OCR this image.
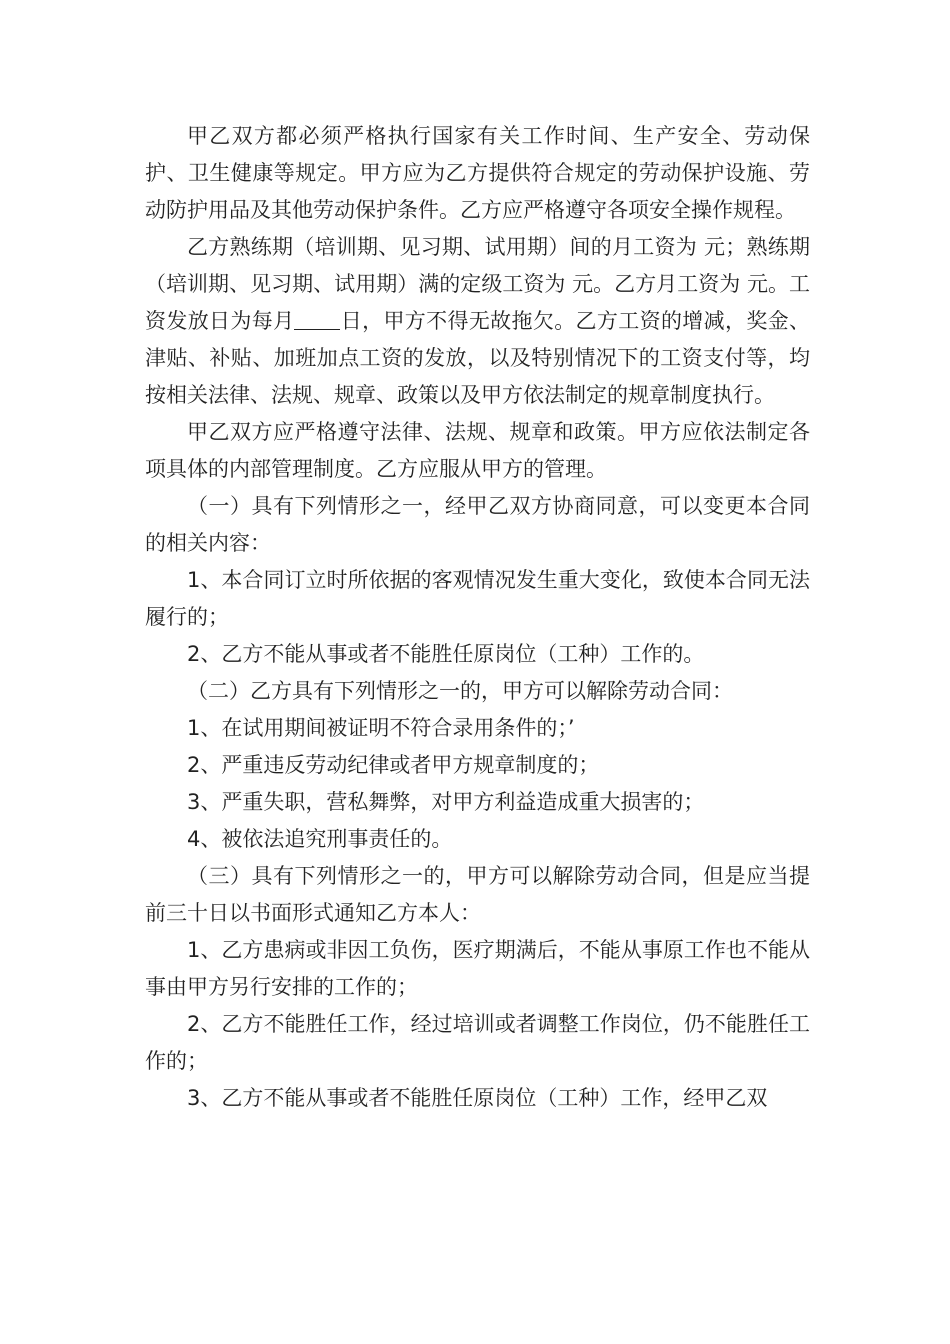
甲乙双方都必须严格执行国家有关工作时间、生产安全、劳动保护、卫生健康等规定。甲方应为乙方提供符合规定的劳动保护设施、劳动防护用品及其他劳动保护条件。乙方应严格遵守各项安全操作规程。

乙方熟练期（培训期、见习期、试用期）间的月工资为 元；熟练期（培训期、见习期、试用期）满的定级工资为 元。乙方月工资为 元。工资发放日为每月 日，甲方不得无故拖欠。乙方工资的增减，奖金、津贴、补贴、加班加点工资的发放，以及特别情况下的工资支付等，均按相关法律、法规、规章、政策以及甲方依法制定的规章制度执行。

甲乙双方应严格遵守法律、法规、规章和政策。甲方应依法制定各项具体的内部管理制度。乙方应服从甲方的管理。

（一）具有下列情形之一，经甲乙双方协商同意，可以变更本合同的相关内容：

1、本合同订立时所依据的客观情况发生重大变化，致使本合同无法履行的；

2、乙方不能从事或者不能胜任原岗位（工种）工作的。

（二）乙方具有下列情形之一的，甲方可以解除劳动合同：

1、在试用期间被证明不符合录用条件的；’

2、严重违反劳动纪律或者甲方规章制度的；

3、严重失职，营私舞弊，对甲方利益造成重大损害的；

4、被依法追究刑事责任的。

（三）具有下列情形之一的，甲方可以解除劳动合同，但是应当提前三十日以书面形式通知乙方本人：

1、乙方患病或非因工负伤，医疗期满后，不能从事原工作也不能从事由甲方另行安排的工作的；

2、乙方不能胜任工作，经过培训或者调整工作岗位，仍不能胜任工作的；

3、乙方不能从事或者不能胜任原岗位（工种）工作，经甲乙双
